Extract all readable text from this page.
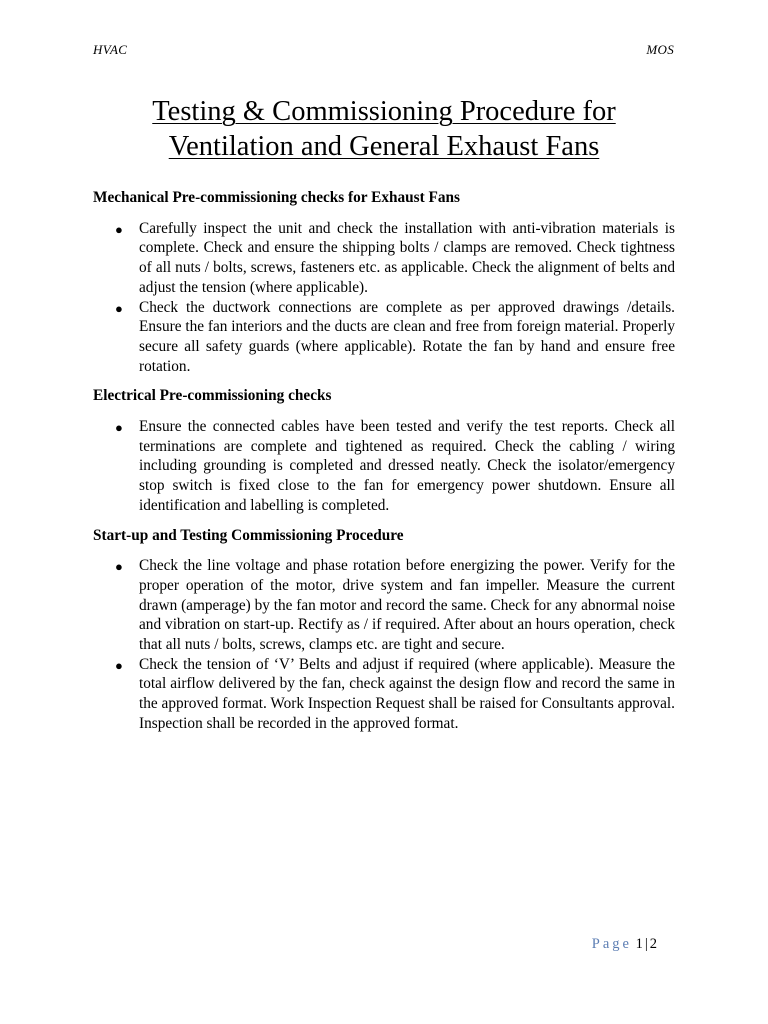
HVAC	MOS
Testing & Commissioning Procedure for
Ventilation and General Exhaust Fans
Mechanical Pre-commissioning checks for Exhaust Fans
● Carefully inspect the unit and check the installation with anti-vibration materials is complete. Check and ensure the shipping bolts / clamps are removed. Check tightness of all nuts / bolts, screws, fasteners etc. as applicable. Check the alignment of belts and adjust the tension (where applicable).
● Check the ductwork connections are complete as per approved drawings /details. Ensure the fan interiors and the ducts are clean and free from foreign material. Properly secure all safety guards (where applicable). Rotate the fan by hand and ensure free rotation.
Electrical Pre-commissioning checks
● Ensure the connected cables have been tested and verify the test reports. Check all terminations are complete and tightened as required. Check the cabling / wiring including grounding is completed and dressed neatly. Check the isolator/emergency stop switch is fixed close to the fan for emergency power shutdown. Ensure all identification and labelling is completed.
Start-up and Testing Commissioning Procedure
● Check the line voltage and phase rotation before energizing the power. Verify for the proper operation of the motor, drive system and fan impeller. Measure the current drawn (amperage) by the fan motor and record the same. Check for any abnormal noise and vibration on start-up. Rectify as / if required. After about an hours operation, check that all nuts / bolts, screws, clamps etc. are tight and secure.
● Check the tension of ‘V’ Belts and adjust if required (where applicable). Measure the total airflow delivered by the fan, check against the design flow and record the same in the approved format. Work Inspection Request shall be raised for Consultants approval. Inspection shall be recorded in the approved format.
Page 1 | 2
